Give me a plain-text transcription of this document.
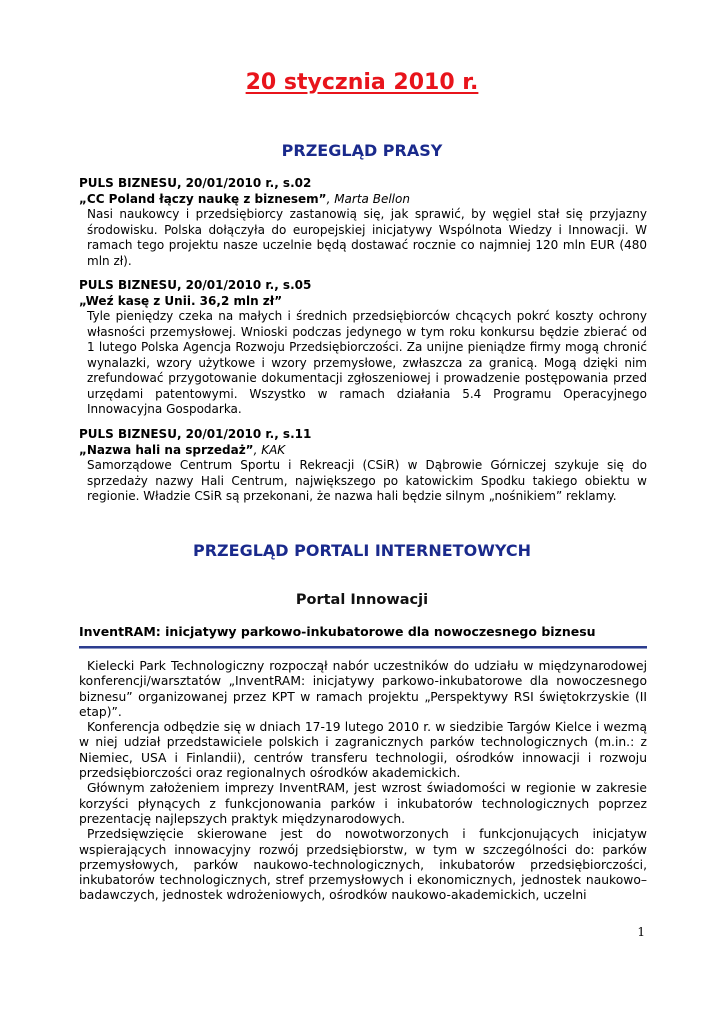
20 stycznia 2010 r.
PRZEGLĄD PRASY
PULS BIZNESU, 20/01/2010 r., s.02
„CC Poland łączy naukę z biznesem”, Marta Bellon
Nasi naukowcy i przedsiębiorcy zastanowią się, jak sprawić, by węgiel stał się przyjazny środowisku. Polska dołączyła do europejskiej inicjatywy Wspólnota Wiedzy i Innowacji. W ramach tego projektu nasze uczelnie będą dostawać rocznie co najmniej 120 mln EUR (480 mln zł).
PULS BIZNESU, 20/01/2010 r., s.05
„Weź kasę z Unii. 36,2 mln zł”
Tyle pieniędzy czeka na małych i średnich przedsiębiorców chcących pokrć koszty ochrony własności przemysłowej. Wnioski podczas jedynego w tym roku konkursu będzie zbierać od 1 lutego Polska Agencja Rozwoju Przedsiębiorczości. Za unijne pieniądze firmy mogą chronić wynalazki, wzory użytkowe i wzory przemysłowe, zwłaszcza za granicą. Mogą dzięki nim zrefundować przygotowanie dokumentacji zgłoszeniowej i prowadzenie postępowania przed urzędami patentowymi. Wszystko w ramach działania 5.4 Programu Operacyjnego Innowacyjna Gospodarka.
PULS BIZNESU, 20/01/2010 r., s.11
„Nazwa hali na sprzedaż”, KAK
Samorządowe Centrum Sportu i Rekreacji (CSiR) w Dąbrowie Górniczej szykuje się do sprzedaży nazwy Hali Centrum, największego po katowickim Spodku takiego obiektu w regionie. Władzie CSiR są przekonani, że nazwa hali będzie silnym „nośnikiem” reklamy.
PRZEGLĄD PORTALI INTERNETOWYCH
Portal Innowacji
InventRAM: inicjatywy parkowo-inkubatorowe dla nowoczesnego biznesu

Kielecki Park Technologiczny rozpoczął nabór uczestników do udziału w międzynarodowej konferencji/warsztatów „InventRAM: inicjatywy parkowo-inkubatorowe dla nowoczesnego biznesu” organizowanej przez KPT w ramach projektu „Perspektywy RSI świętokrzyskie (II etap)”.

Konferencja odbędzie się w dniach 17-19 lutego 2010 r. w siedzibie Targów Kielce i wezmą w niej udział przedstawiciele polskich i zagranicznych parków technologicznych (m.in.: z Niemiec, USA i Finlandii), centrów transferu technologii, ośrodków innowacji i rozwoju przedsiębiorczości oraz regionalnych ośrodków akademickich.

Głównym założeniem imprezy InventRAM, jest wzrost świadomości w regionie w zakresie korzyści płynących z funkcjonowania parków i inkubatorów technologicznych poprzez prezentację najlepszych praktyk międzynarodowych.

Przedsięwzięcie skierowane jest do nowotworzonych i funkcjonujących inicjatyw wspierających innowacyjny rozwój przedsiębiorstw, w tym w szczególności do: parków przemysłowych, parków naukowo-technologicznych, inkubatorów przedsiębiorczości, inkubatorów technologicznych, stref przemysłowych i ekonomicznych, jednostek naukowo–badawczych, jednostek wdrożeniowych, ośrodków naukowo-akademickich, uczelni

1
